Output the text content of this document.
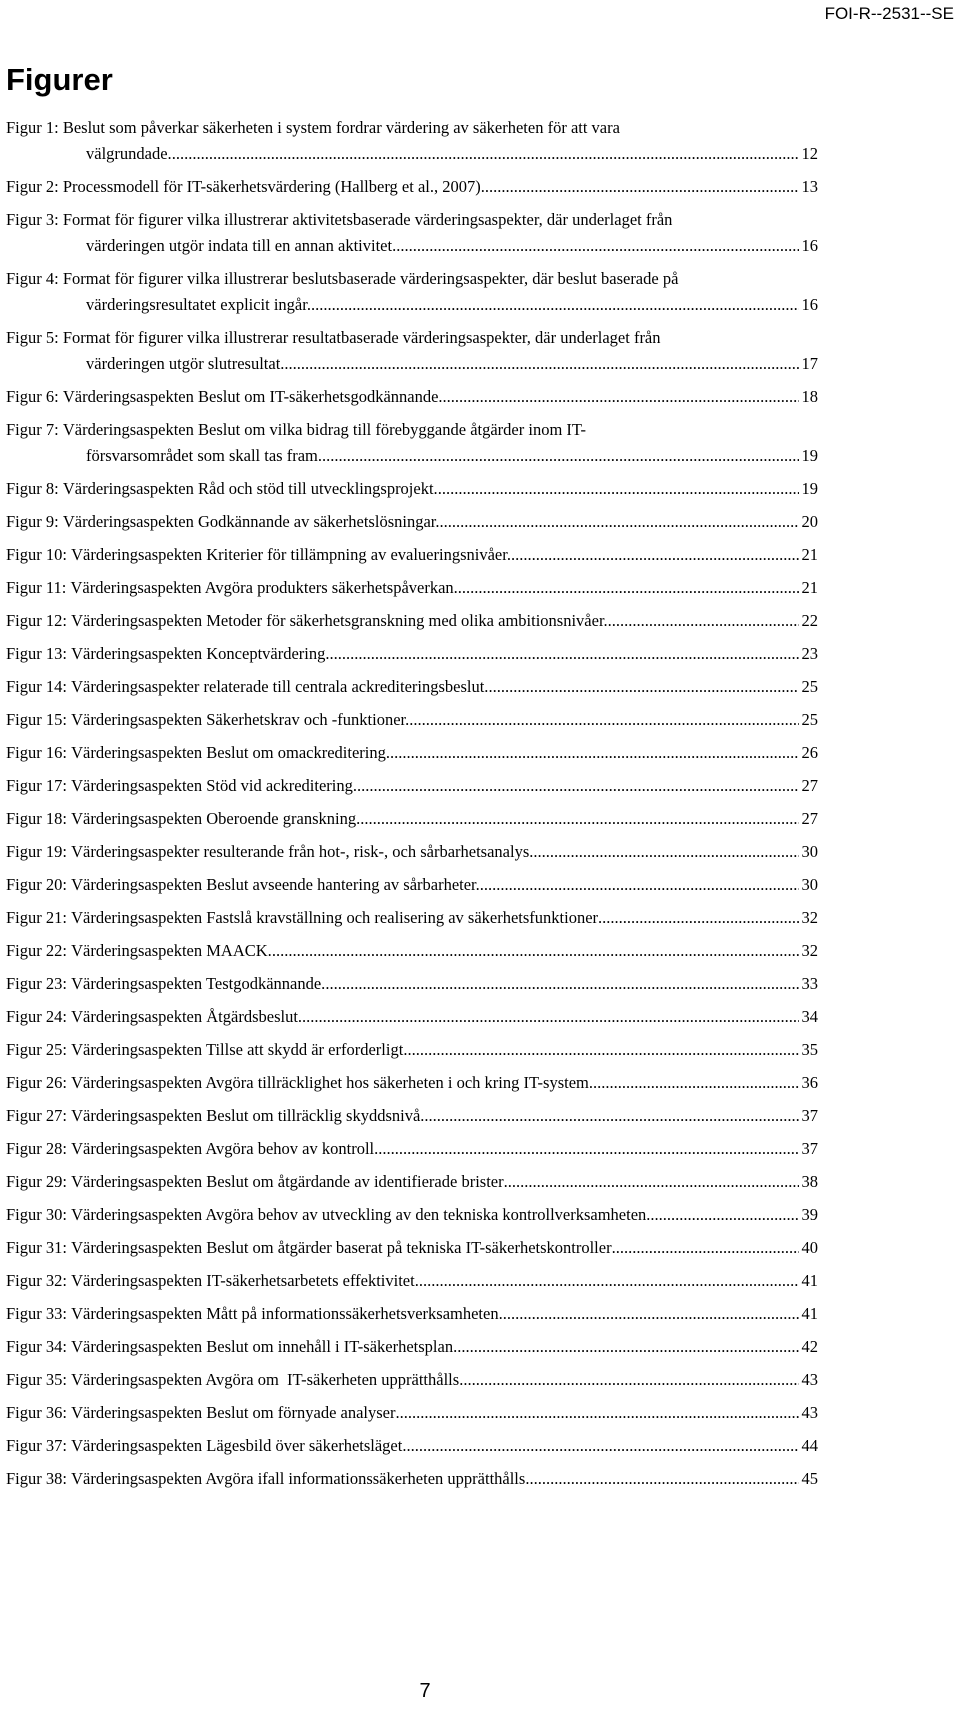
FOI-R--2531--SE
Figurer
Figur 1:
Beslut som påverkar säkerheten i system fordrar värdering av säkerheten för att vara
välgrundade. .....	12
Figur 2:
Processmodell för IT-säkerhetsvärdering (Hallberg et al., 2007). .....	13
Figur 3:
Format för figurer vilka illustrerar aktivitetsbaserade värderingsaspekter, där underlaget från
värderingen utgör indata till en annan aktivitet. .....	16
Figur 4:
Format för figurer vilka illustrerar beslutsbaserade värderingsaspekter, där beslut baserade på
värderingsresultatet explicit ingår. .....	16
Figur 5:
Format för figurer vilka illustrerar resultatbaserade värderingsaspekter, där underlaget från
värderingen utgör slutresultat. .....	17
Figur 6:
Värderingsaspekten Beslut om IT-säkerhetsgodkännande. .....	18
Figur 7:
Värderingsaspekten Beslut om vilka bidrag till förebyggande åtgärder inom IT-
försvarsområdet som skall tas fram. .....	19
Figur 8:
Värderingsaspekten Råd och stöd till utvecklingsprojekt. .....	19
Figur 9:
Värderingsaspekten Godkännande av säkerhetslösningar. .....	20
Figur 10:
Värderingsaspekten Kriterier för tillämpning av evalueringsnivåer. .....	21
Figur 11:
Värderingsaspekten Avgöra produkters säkerhetspåverkan. .....	21
Figur 12:
Värderingsaspekten Metoder för säkerhetsgranskning med olika ambitionsnivåer. .....	22
Figur 13:
Värderingsaspekten Konceptvärdering. .....	23
Figur 14:
Värderingsaspekter relaterade till centrala ackrediteringsbeslut. .....	25
Figur 15:
Värderingsaspekten Säkerhetskrav och -funktioner. .....	25
Figur 16:
Värderingsaspekten Beslut om omackreditering. .....	26
Figur 17:
Värderingsaspekten Stöd vid ackreditering. .....	27
Figur 18:
Värderingsaspekten Oberoende granskning. .....	27
Figur 19:
Värderingsaspekter resulterande från hot-, risk-, och sårbarhetsanalys. .....	30
Figur 20:
Värderingsaspekten Beslut avseende hantering av sårbarheter. .....	30
Figur 21:
Värderingsaspekten Fastslå kravställning och realisering av säkerhetsfunktioner .....	32
Figur 22:
Värderingsaspekten MAACK. .....	32
Figur 23:
Värderingsaspekten Testgodkännande. .....	33
Figur 24:
Värderingsaspekten Åtgärdsbeslut. .....	34
Figur 25:
Värderingsaspekten Tillse att skydd är erforderligt .....	35
Figur 26:
Värderingsaspekten Avgöra tillräcklighet hos säkerheten i och kring IT-system .....	36
Figur 27:
Värderingsaspekten Beslut om tillräcklig skyddsnivå .....	37
Figur 28:
Värderingsaspekten Avgöra behov av kontroll .....	37
Figur 29:
Värderingsaspekten Beslut om åtgärdande av identifierade brister .....	38
Figur 30:
Värderingsaspekten Avgöra behov av utveckling av den tekniska kontrollverksamheten .....	39
Figur 31:
Värderingsaspekten Beslut om åtgärder baserat på tekniska IT-säkerhetskontroller .....	40
Figur 32:
Värderingsaspekten IT-säkerhetsarbetets effektivitet .....	41
Figur 33:
Värderingsaspekten Mått på informationssäkerhetsverksamheten .....	41
Figur 34:
Värderingsaspekten Beslut om innehåll i IT-säkerhetsplan .....	42
Figur 35:
Värderingsaspekten Avgöra om  IT-säkerheten upprätthålls .....	43
Figur 36:
Värderingsaspekten Beslut om förnyade analyser .....	43
Figur 37:
Värderingsaspekten Lägesbild över säkerhetsläget .....	44
Figur 38:
Värderingsaspekten Avgöra ifall informationssäkerheten upprätthålls .....	45
7
